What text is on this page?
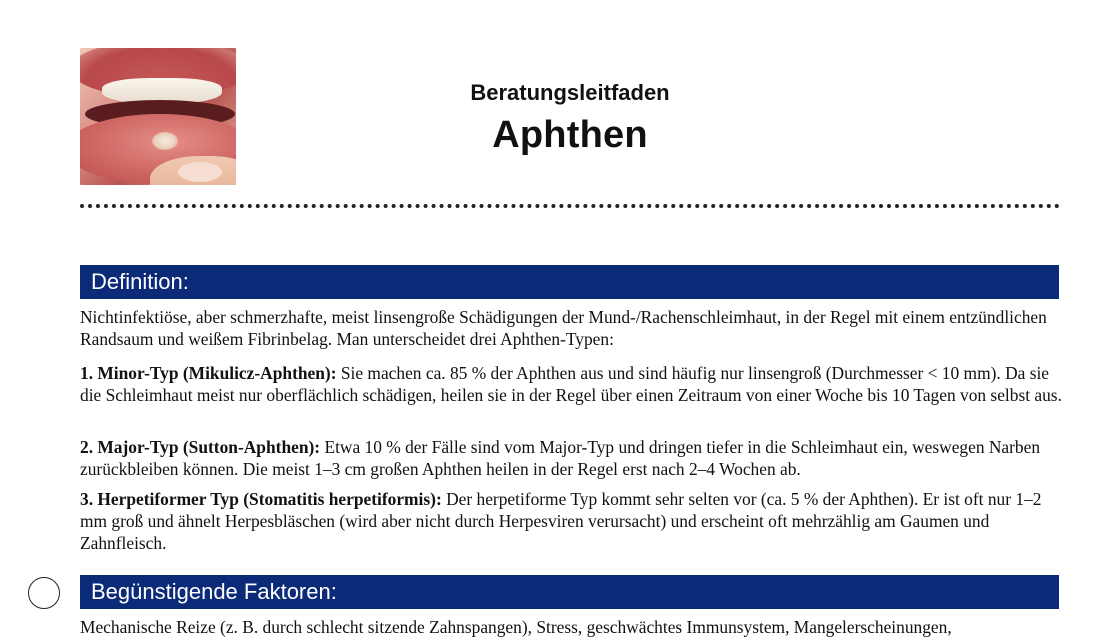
Beratungsleitfaden
Aphthen
Definition:
Nichtinfektiöse, aber schmerzhafte, meist linsengroße Schädigungen der Mund-/Rachenschleimhaut, in der Regel mit einem entzündlichen Randsaum und weißem Fibrinbelag. Man unterscheidet drei Aphthen-Typen:
1. Minor-Typ (Mikulicz-Aphthen): Sie machen ca. 85 % der Aphthen aus und sind häufig nur linsengroß (Durchmesser < 10 mm). Da sie die Schleimhaut meist nur oberflächlich schädigen, heilen sie in der Regel über einen Zeitraum von einer Woche bis 10 Tagen von selbst aus.
2. Major-Typ (Sutton-Aphthen): Etwa 10 % der Fälle sind vom Major-Typ und dringen tiefer in die Schleimhaut ein, weswegen Narben zurückbleiben können. Die meist 1–3 cm großen Aphthen heilen in der Regel erst nach 2–4 Wochen ab.
3. Herpetiformer Typ (Stomatitis herpetiformis): Der herpetiforme Typ kommt sehr selten vor (ca. 5 % der Aphthen). Er ist oft nur 1–2 mm groß und ähnelt Herpesbläschen (wird aber nicht durch Herpesviren verursacht) und erscheint oft mehrzählig am Gaumen und Zahnfleisch.
Begünstigende Faktoren:
Mechanische Reize (z. B. durch schlecht sitzende Zahnspangen), Stress, geschwächtes Immunsystem, Mangelerscheinungen,
